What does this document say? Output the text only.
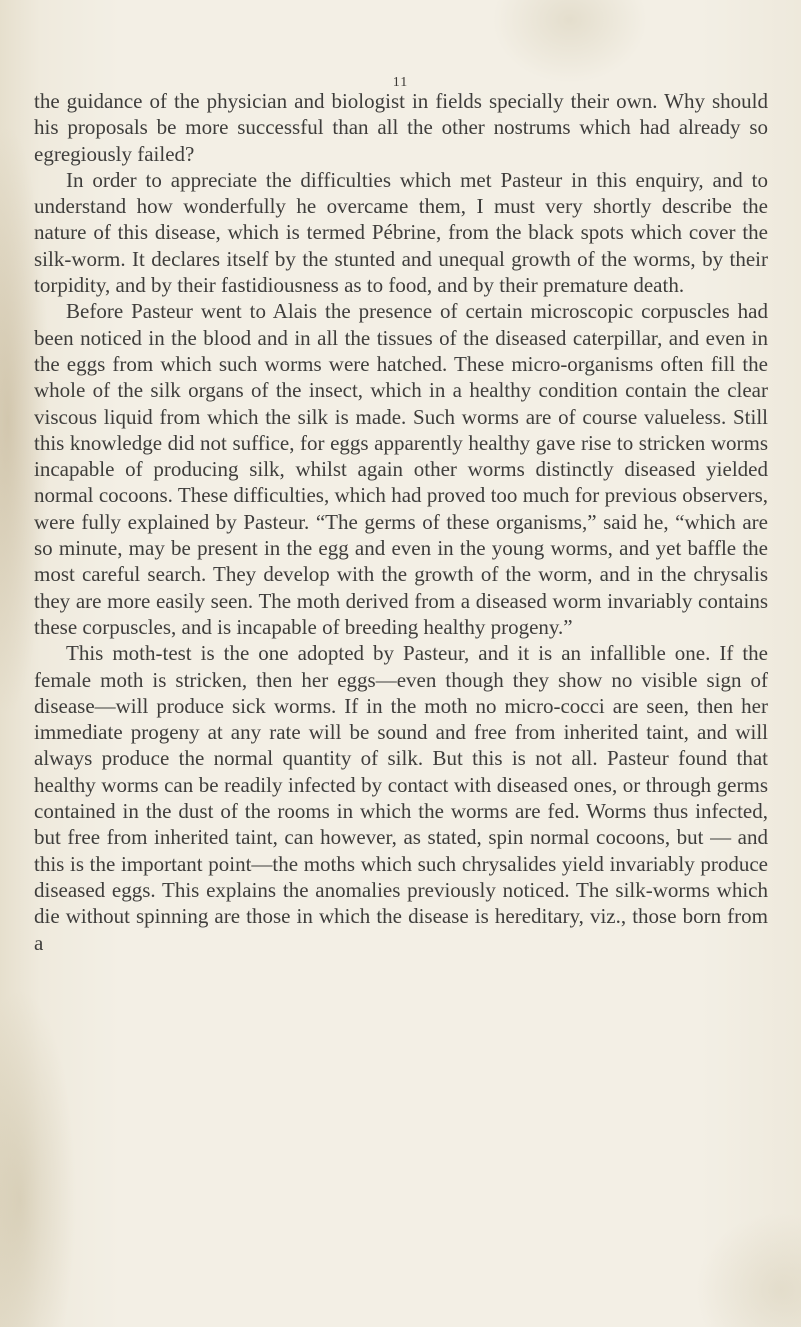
11

the guidance of the physician and biologist in fields specially their own. Why should his proposals be more successful than all the other nostrums which had already so egregiously failed?

In order to appreciate the difficulties which met Pasteur in this enquiry, and to understand how wonderfully he overcame them, I must very shortly describe the nature of this disease, which is termed Pébrine, from the black spots which cover the silk-worm. It declares itself by the stunted and unequal growth of the worms, by their torpidity, and by their fastidiousness as to food, and by their premature death.

Before Pasteur went to Alais the presence of certain microscopic corpuscles had been noticed in the blood and in all the tissues of the diseased caterpillar, and even in the eggs from which such worms were hatched. These micro-organisms often fill the whole of the silk organs of the insect, which in a healthy condition contain the clear viscous liquid from which the silk is made. Such worms are of course valueless. Still this knowledge did not suffice, for eggs apparently healthy gave rise to stricken worms incapable of producing silk, whilst again other worms distinctly diseased yielded normal cocoons. These difficulties, which had proved too much for previous observers, were fully explained by Pasteur. “The germs of these organisms,” said he, “which are so minute, may be present in the egg and even in the young worms, and yet baffle the most careful search. They develop with the growth of the worm, and in the chrysalis they are more easily seen. The moth derived from a diseased worm invariably contains these corpuscles, and is incapable of breeding healthy progeny.”

This moth-test is the one adopted by Pasteur, and it is an infallible one. If the female moth is stricken, then her eggs—even though they show no visible sign of disease—will produce sick worms. If in the moth no micro-cocci are seen, then her immediate progeny at any rate will be sound and free from inherited taint, and will always produce the normal quantity of silk. But this is not all. Pasteur found that healthy worms can be readily infected by contact with diseased ones, or through germs contained in the dust of the rooms in which the worms are fed. Worms thus infected, but free from inherited taint, can however, as stated, spin normal cocoons, but — and this is the important point—the moths which such chrysalides yield invariably produce diseased eggs. This explains the anomalies previously noticed. The silk-worms which die without spinning are those in which the disease is hereditary, viz., those born from a
